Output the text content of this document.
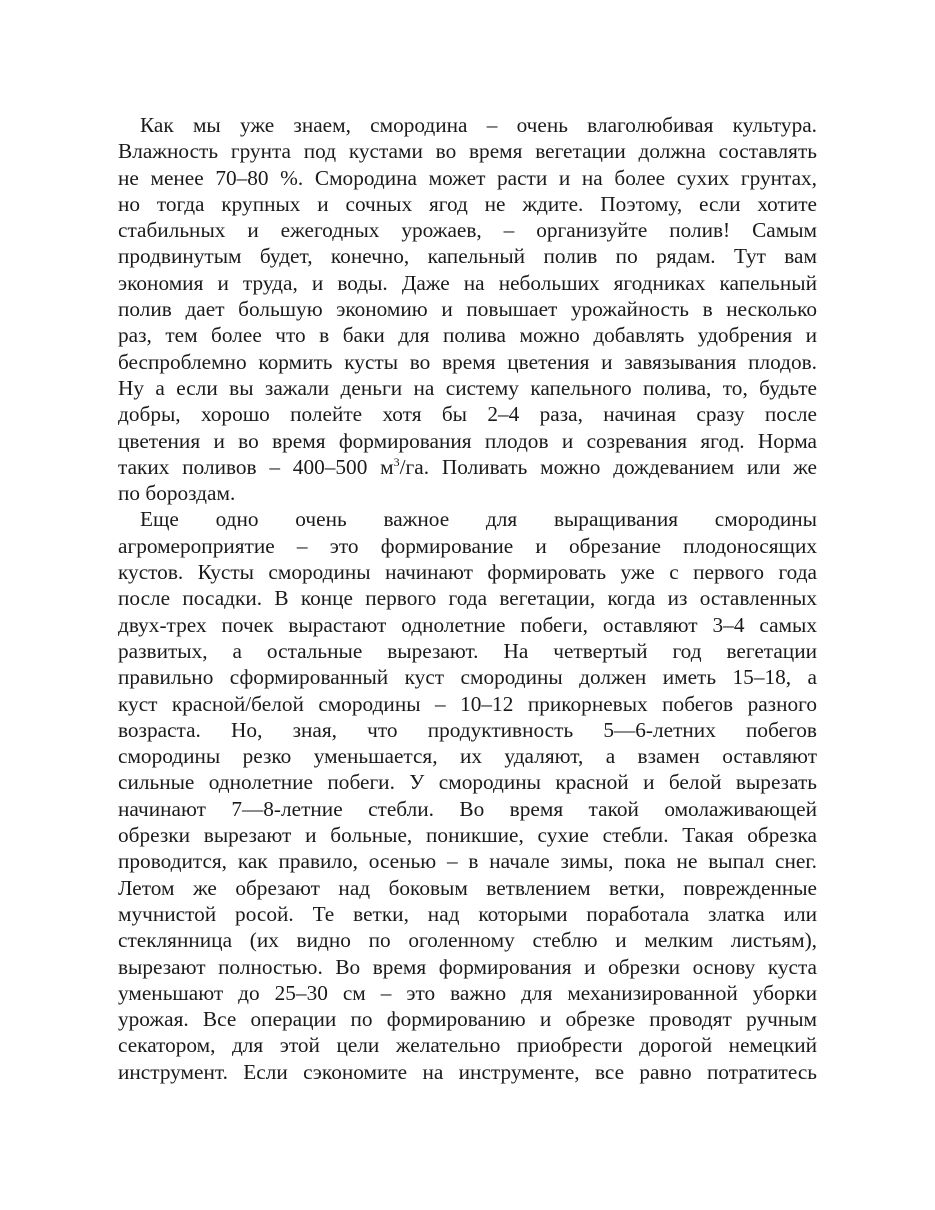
Как мы уже знаем, смородина – очень влаголюбивая культура.
Влажность грунта под кустами во время вегетации должна составлять
не менее 70–80 %. Смородина может расти и на более сухих грунтах,
но тогда крупных и сочных ягод не ждите. Поэтому, если хотите
стабильных и ежегодных урожаев, – организуйте полив! Самым
продвинутым будет, конечно, капельный полив по рядам. Тут вам
экономия и труда, и воды. Даже на небольших ягодниках капельный
полив дает большую экономию и повышает урожайность в несколько
раз, тем более что в баки для полива можно добавлять удобрения и
беспроблемно кормить кусты во время цветения и завязывания плодов.
Ну а если вы зажали деньги на систему капельного полива, то, будьте
добры, хорошо полейте хотя бы 2–4 раза, начиная сразу после
цветения и во время формирования плодов и созревания ягод. Норма
таких поливов – 400–500 $м^3/га$. Поливать можно дождеванием или же
по бороздам.
Еще одно очень важное для выращивания смородины
агромероприятие – это формирование и обрезание плодоносящих
кустов. Кусты смородины начинают формировать уже с первого года
после посадки. В конце первого года вегетации, когда из оставленных
двух-трех почек вырастают однолетние побеги, оставляют 3–4 самых
развитых, а остальные вырезают. На четвертый год вегетации
правильно сформированный куст смородины должен иметь 15–18, а
куст красной/белой смородины – 10–12 прикорневых побегов разного
возраста. Но, зная, что продуктивность 5—6-летних побегов
смородины резко уменьшается, их удаляют, а взамен оставляют
сильные однолетние побеги. У смородины красной и белой вырезать
начинают 7—8-летние стебли. Во время такой омолаживающей
обрезки вырезают и больные, поникшие, сухие стебли. Такая обрезка
проводится, как правило, осенью – в начале зимы, пока не выпал снег.
Летом же обрезают над боковым ветвлением ветки, поврежденные
мучнистой росой. Те ветки, над которыми поработала златка или
стеклянница (их видно по оголенному стеблю и мелким листьям),
вырезают полностью. Во время формирования и обрезки основу куста
уменьшают до 25–30 см – это важно для механизированной уборки
урожая. Все операции по формированию и обрезке проводят ручным
секатором, для этой цели желательно приобрести дорогой немецкий
инструмент. Если сэкономите на инструменте, все равно потратитесь
